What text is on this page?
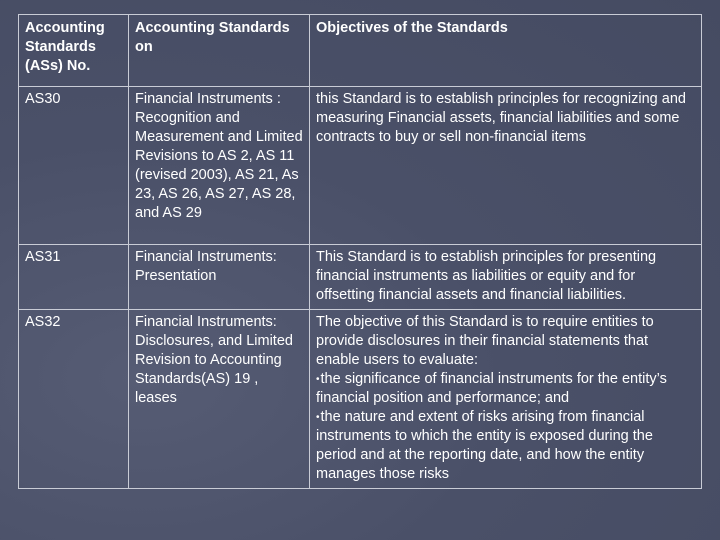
Accounting Standards (ASs) No.	Accounting Standards on	Objectives of the Standards
AS30	Financial Instruments : Recognition and Measurement and Limited Revisions to AS 2, AS 11 (revised 2003), AS 21, As 23, AS 26, AS 27, AS 28, and AS 29	this Standard is to establish principles for recognizing and measuring Financial assets, financial liabilities and some contracts to buy or sell non-financial items
AS31	Financial Instruments: Presentation	This Standard is to establish principles for presenting financial instruments as liabilities or equity and for offsetting financial assets and financial liabilities.
AS32	Financial Instruments: Disclosures, and Limited Revision to Accounting Standards(AS) 19 , leases	The objective of this Standard is to require entities to provide disclosures in their financial statements that enable users to evaluate:
•the significance of financial instruments for the entity’s financial position and performance; and
•the nature and extent of risks arising from financial instruments to which the entity is exposed during the period and at the reporting date, and how the entity manages those risks
